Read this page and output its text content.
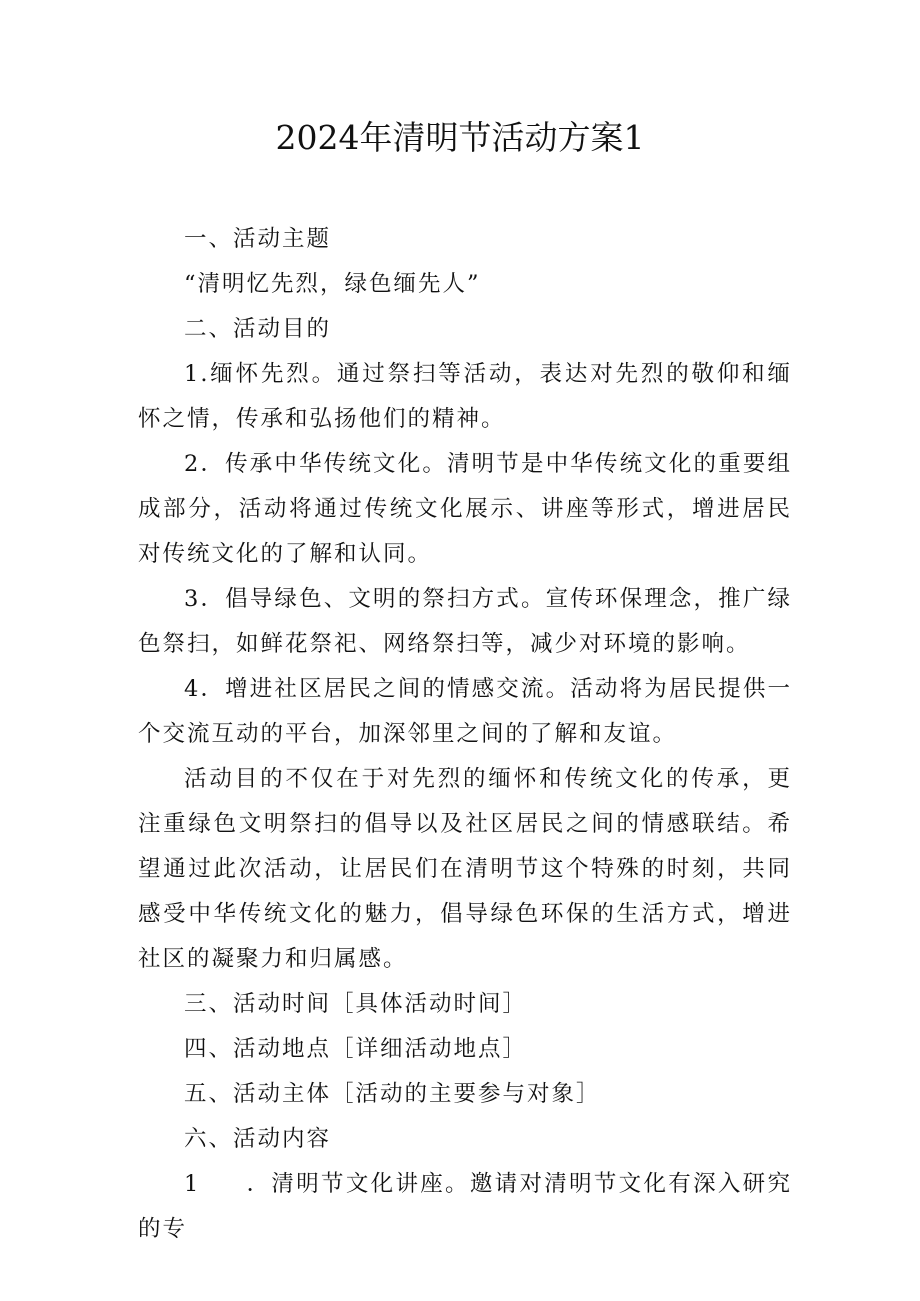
2024年清明节活动方案1

一、活动主题

“清明忆先烈，绿色缅先人”

二、活动目的

1.缅怀先烈。通过祭扫等活动，表达对先烈的敬仰和缅怀之情，传承和弘扬他们的精神。

2．传承中华传统文化。清明节是中华传统文化的重要组成部分，活动将通过传统文化展示、讲座等形式，增进居民对传统文化的了解和认同。

3．倡导绿色、文明的祭扫方式。宣传环保理念，推广绿色祭扫，如鲜花祭祀、网络祭扫等，减少对环境的影响。

4．增进社区居民之间的情感交流。活动将为居民提供一个交流互动的平台，加深邻里之间的了解和友谊。

活动目的不仅在于对先烈的缅怀和传统文化的传承，更注重绿色文明祭扫的倡导以及社区居民之间的情感联结。希望通过此次活动，让居民们在清明节这个特殊的时刻，共同感受中华传统文化的魅力，倡导绿色环保的生活方式，增进社区的凝聚力和归属感。

三、活动时间［具体活动时间］

四、活动地点［详细活动地点］

五、活动主体［活动的主要参与对象］

六、活动内容

1 ．清明节文化讲座。邀请对清明节文化有深入研究的专
